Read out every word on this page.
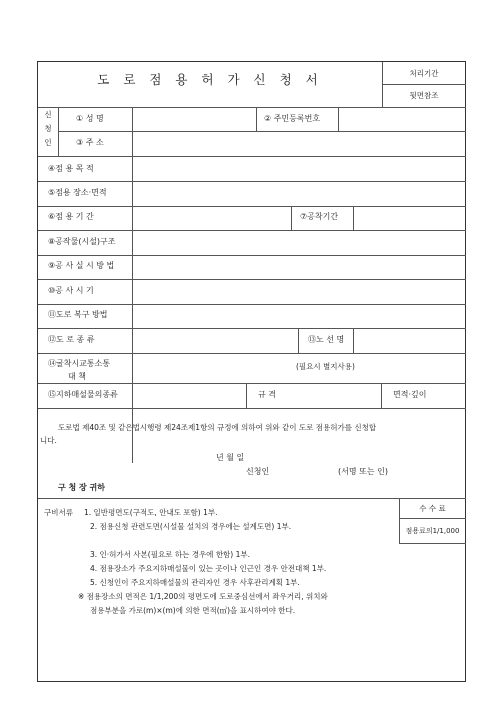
도 로 점 용 허 가 신 청 서	처리기간
뒷면참조
신
청
인
① 성 명	② 주민등록번호
③ 주 소
④점 용 목 적
⑤점용 장소·면적
⑥점 용 기 간	⑦공착기간
⑧공작물(시설)구조
⑨공 사 실 시 방 법
⑩공 사 시 기
⑪도로 복구 방법
⑫도 로 종 류	⑬노 선 명
⑭굴착시교통소통
대 책
(필요시 별지사용)
⑮지하매설물의종류	규 격	면적·깊이
도로법 제40조 및 같은법시행령 제24조제1항의 규정에 의하여 위와 같이 도로 점용허가를 신청합
니다.
년 월 일
신청인	(서명 또는 인)
구 청 장 귀하
구비서류 1. 일반평면도(구적도, 안내도 포함) 1부.
2. 점용신청 관련도면(시설물 설치의 경우에는 설계도면) 1부.
3. 인·허가서 사본(필요로 하는 경우에 한함) 1부.
4. 점용장소가 주요지하매설물이 있는 곳이나 인근인 경우 안전대책 1부.
5. 신청인이 주요지하매설물의 관리자인 경우 사후관리계획 1부.
※ 점용장소의 면적은 1/1,200의 평면도에 도로중심선에서 좌우거리, 위치와
점용부분을 가로(m)×(m)에 의한 면적(㎡)을 표시하여야 한다.
수 수 료
점용료의1/1,000
